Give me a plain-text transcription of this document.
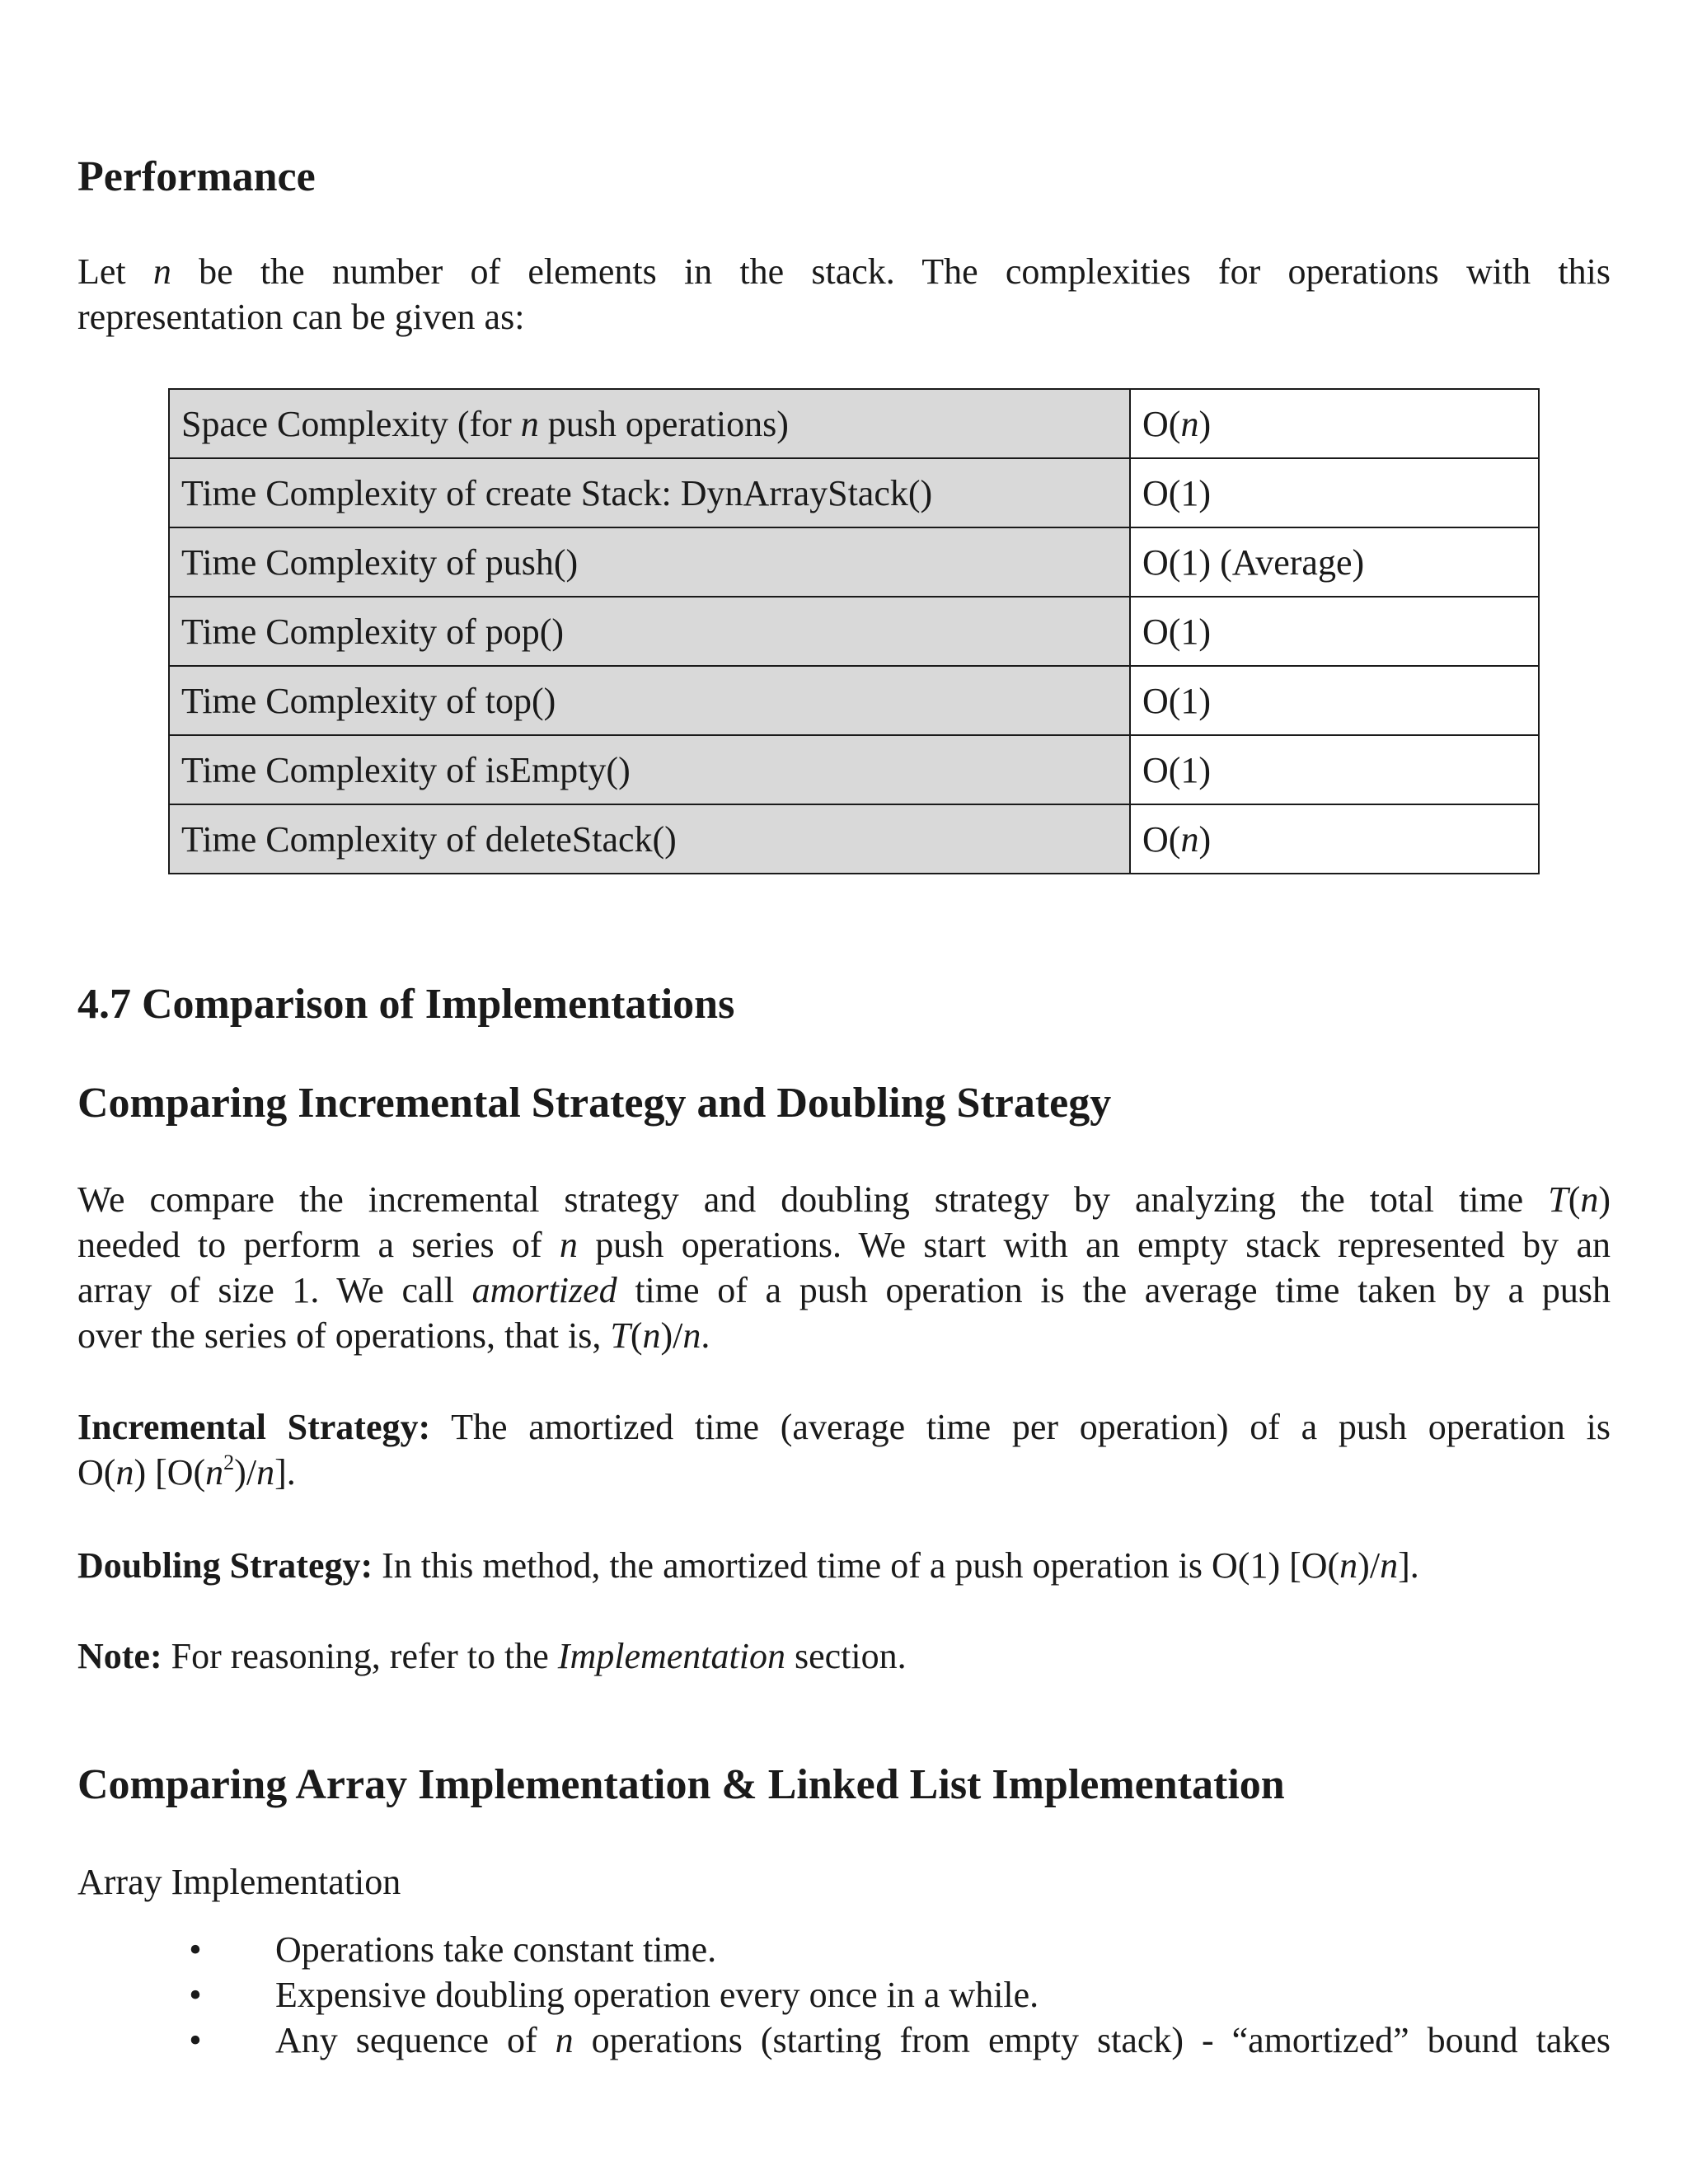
Performance
Let n be the number of elements in the stack. The complexities for operations with this
representation can be given as:
Space Complexity (for n push operations)	O(n)
Time Complexity of create Stack: DynArrayStack()	O(1)
Time Complexity of push()	O(1) (Average)
Time Complexity of pop()	O(1)
Time Complexity of top()	O(1)
Time Complexity of isEmpty()	O(1)
Time Complexity of deleteStack()	O(n)
4.7 Comparison of Implementations
Comparing Incremental Strategy and Doubling Strategy
We compare the incremental strategy and doubling strategy by analyzing the total time T(n)
needed to perform a series of n push operations. We start with an empty stack represented by an
array of size 1. We call amortized time of a push operation is the average time taken by a push
over the series of operations, that is, T(n)/n.
Incremental Strategy: The amortized time (average time per operation) of a push operation is
O(n) $[O(n^2)/n]$.
Doubling Strategy: In this method, the amortized time of a push operation is O(1) [O(n)/n].
Note: For reasoning, refer to the Implementation section.
Comparing Array Implementation & Linked List Implementation
Array Implementation
• Operations take constant time.
• Expensive doubling operation every once in a while.
• Any sequence of n operations (starting from empty stack) - “amortized” bound takes
